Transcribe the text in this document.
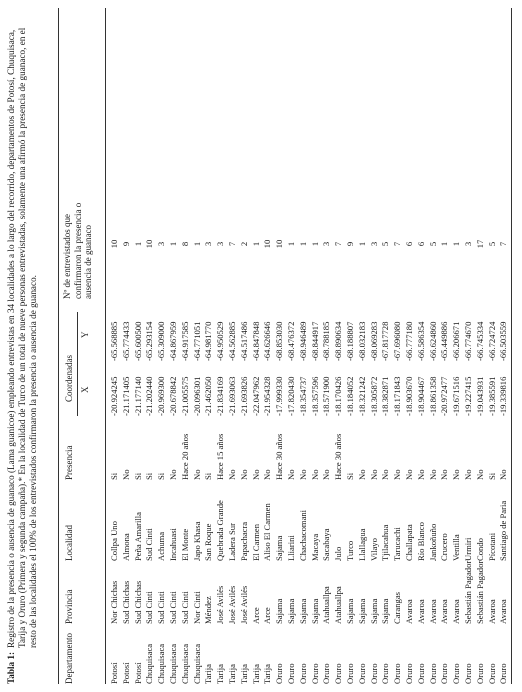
Tabla 1:
Registro de la presencia o ausencia de guanaco (Lama guanicoe) empleando entrevistas en 34 localidades a lo largo del recorrido, departamentos de Potosí, Chuquisaca, Tarija y Oruro (Primera y segunda campaña).* En la localidad de Turco de un total de nueve personas entrevistadas, solamente una afirmó la presencia de guanaco, en el resto de las localidades el 100% de los entrevistados confirmaron la presencia o ausencia de guanaco.
Departamento
Provincia
Localidad
Presencia
Coordenadas X
Y
Nº de entrevistados que confirmaron la presencia o ausencia de guanaco
Potosí
Nor Chichas
Collpa Uno
Si
-20.924245
-65.568885
10
Potosí
Sud Chichas
Almona
No
-21.171405
-65.774433
9
Potosí
Sud Chichas
Peña Amarilla
Si
-21.177140
-65.600500
1
Chuquisaca
Sud Cinti
Sud Cinti
Si
-21.202440
-65.293154
10
Chuquisaca
Sud Cinti
Achuma
Si
-20.969300
-65.309000
3
Chuquisaca
Sud Cinti
Incahuasi
No
-20.678842
-64.867959
1
Chuquisaca
Sud Cinti
El Monte
Hace 20 años
-21.005575
-64.917585
8
Chuquisaca
Nor Cinti
Japo Khasa
No
-20.096301
-64.771051
1
Tarija
Méndez
San Roque
Si
-21.462050
-64.981770
3
Tarija
José Avilés
Quebrada Grande
Hace 15 años
-21.834169
-64.950529
3
Tarija
José Avilés
Ladera Sur
No
-21.693063
-64.562885
7
Tarija
José Avilés
Papachacra
No
-21.693826
-64.517486
2
Tarija
Arce
El Carmen
No
-22.047962
-64.847848
1
Tarija
Arce
Aliso El Carmen
No
-21.954328
-64.626646
10
Oruro
Sajama
Sajama
Hace 30 años
-17.999330
-68.853030
10
Oruro
Sajama
Lliarini
No
-17.820430
-68.476372
1
Oruro
Sajama
Chachacomani
No
-18.354737
-68.946489
1
Oruro
Sajama
Macaya
No
-18.357596
-68.844917
1
Oruro
Atahuallpa
Sacabaya
No
-18.571900
-68.788185
3
Oruro
Atahuallpa
Julo
Hace 30 años
-18.170426
-68.890634
7
Oruro
Sajama
Turco
Si
-18.184052
-68.188807
9
Oruro
Sajama
Llallagua
No
-18.321242
-68.032183
1
Oruro
Sajama
Vilayo
No
-18.305872
-68.069283
3
Oruro
Sajama
Tjilacahua
No
-18.382871
-67.817728
5
Oruro
Carangas
Tarucachi
No
-18.171843
-67.696080
7
Oruro
Avaroa
Challapata
No
-18.903670
-66.777180
6
Oruro
Avaroa
Río Blanco
No
-18.904467
-66.586354
6
Oruro
Avaroa
Jankoñuño
No
-18.861358
-66.624860
5
Oruro
Avaroa
Crucero
No
-20.972477
-65.449886
1
Oruro
Avaroa
Ventilla
No
-19.671516
-66.206671
1
Oruro
Sebastián Pagador
Urmiri
No
-19.227415
-66.774670
3
Oruro
Sebastián Pagador
Condo
No
-19.043931
-66.745334
17
Oruro
Avaroa
Pícotani
Si
-19.385591
-66.724724
5
Oruro
Avaroa
Santiago de Paria
No
-19.339816
-66.503559
7
